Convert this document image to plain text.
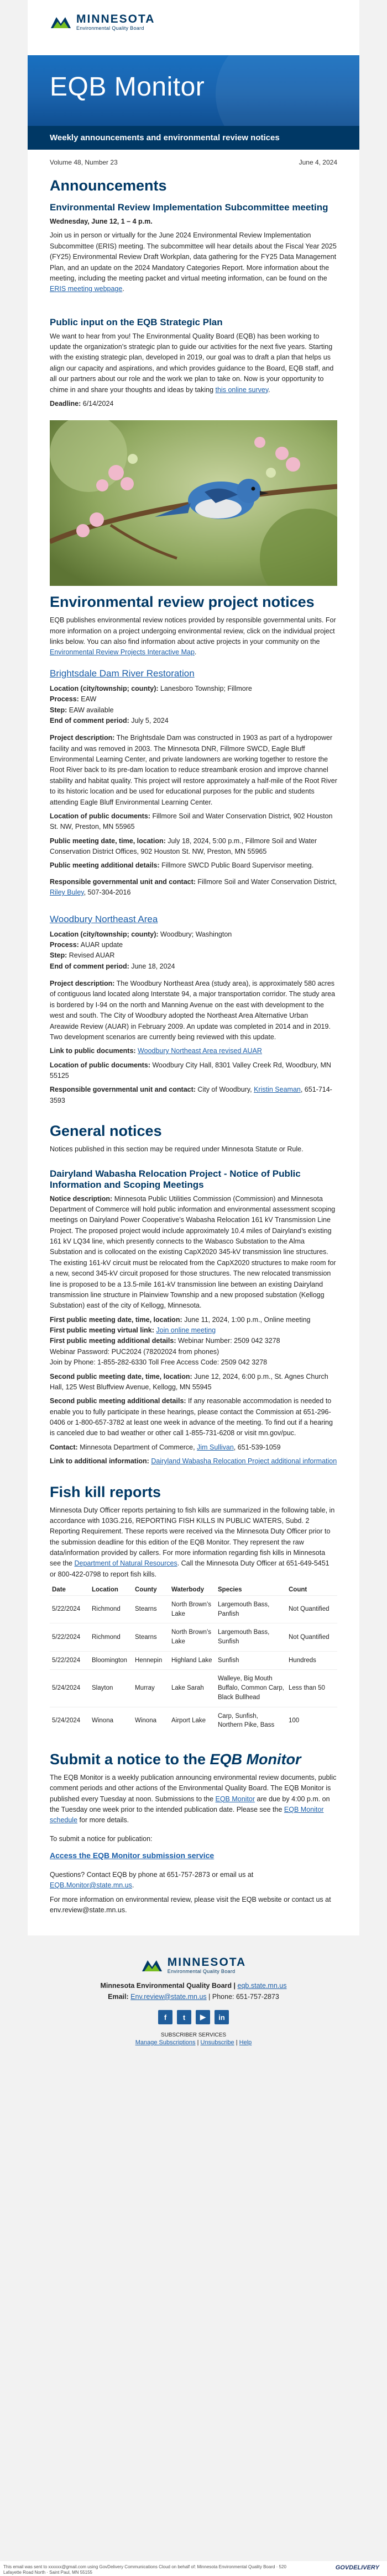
MINNESOTA
Environmental Quality Board
EQB Monitor
Weekly announcements and environmental review notices
Volume 48, Number 23	June 4, 2024
Announcements
Environmental Review Implementation Subcommittee meeting

Wednesday, June 12, 1 – 4 p.m.

Join us in person or virtually for the June 2024 Environmental Review Implementation Subcommittee (ERIS) meeting. The subcommittee will hear details about the Fiscal Year 2025 (FY25) Environmental Review Draft Workplan, data gathering for the FY25 Data Management Plan, and an update on the 2024 Mandatory Categories Report. More information about the meeting, including the meeting packet and virtual meeting information, can be found on the ERIS meeting webpage.

Public input on the EQB Strategic Plan

We want to hear from you! The Environmental Quality Board (EQB) has been working to update the organization’s strategic plan to guide our activities for the next five years. Starting with the existing strategic plan, developed in 2019, our goal was to draft a plan that helps us align our capacity and aspirations, and which provides guidance to the Board, EQB staff, and all our partners about our role and the work we plan to take on. Now is your opportunity to chime in and share your thoughts and ideas by taking this online survey.

Deadline: 6/14/2024

Environmental review project notices

EQB publishes environmental review notices provided by responsible governmental units. For more information on a project undergoing environmental review, click on the individual project links below. You can also find information about active projects in your community on the Environmental Review Projects Interactive Map.

Brightsdale Dam River Restoration

Location (city/township; county): Lanesboro Township; Fillmore
Process: EAW
Step: EAW available
End of comment period: July 5, 2024

Project description: The Brightsdale Dam was constructed in 1903 as part of a hydropower facility and was removed in 2003. The Minnesota DNR, Fillmore SWCD, Eagle Bluff Environmental Learning Center, and private landowners are working together to restore the Root River back to its pre-dam location to reduce streambank erosion and improve channel stability and habitat quality. This project will restore approximately a half-mile of the Root River to its historic location and be used for educational purposes for the public and students attending Eagle Bluff Environmental Learning Center.

Location of public documents: Fillmore Soil and Water Conservation District, 902 Houston St. NW, Preston, MN 55965

Public meeting date, time, location: July 18, 2024, 5:00 p.m., Fillmore Soil and Water Conservation District Offices, 902 Houston St. NW, Preston, MN 55965

Public meeting additional details: Fillmore SWCD Public Board Supervisor meeting.

Responsible governmental unit and contact: Fillmore Soil and Water Conservation District, Riley Buley, 507-304-2016

Woodbury Northeast Area

Location (city/township; county): Woodbury; Washington
Process: AUAR update
Step: Revised AUAR
End of comment period: June 18, 2024

Project description: The Woodbury Northeast Area (study area), is approximately 580 acres of contiguous land located along Interstate 94, a major transportation corridor. The study area is bordered by I-94 on the north and Manning Avenue on the east with development to the west and south. The City of Woodbury adopted the Northeast Area Alternative Urban Areawide Review (AUAR) in February 2009. An update was completed in 2014 and in 2019. Two development scenarios are currently being reviewed with this update.

Link to public documents: Woodbury Northeast Area revised AUAR

Location of public documents: Woodbury City Hall, 8301 Valley Creek Rd, Woodbury, MN 55125

Responsible governmental unit and contact: City of Woodbury, Kristin Seaman, 651-714-3593

General notices

Notices published in this section may be required under Minnesota Statute or Rule.

Dairyland Wabasha Relocation Project - Notice of Public Information and Scoping Meetings

Notice description: Minnesota Public Utilities Commission (Commission) and Minnesota Department of Commerce will hold public information and environmental assessment scoping meetings on Dairyland Power Cooperative’s Wabasha Relocation 161 kV Transmission Line Project. The proposed project would include approximately 10.4 miles of Dairyland’s existing 161 kV LQ34 line, which presently connects to the Wabasco Substation to the Alma Substation and is collocated on the existing CapX2020 345-kV transmission line structures. The existing 161-kV circuit must be relocated from the CapX2020 structures to make room for a new, second 345-kV circuit proposed for those structures. The new relocated transmission line is proposed to be a 13.5-mile 161-kV transmission line between an existing Dairyland transmission line structure in Plainview Township and a new proposed substation (Kellogg Substation) east of the city of Kellogg, Minnesota.

First public meeting date, time, location: June 11, 2024, 1:00 p.m., Online meeting
First public meeting virtual link: Join online meeting
First public meeting additional details: Webinar Number: 2509 042 3278
Webinar Password: PUC2024 (78202024 from phones)
Join by Phone: 1-855-282-6330 Toll Free Access Code: 2509 042 3278

Second public meeting date, time, location: June 12, 2024, 6:00 p.m., St. Agnes Church Hall, 125 West Bluffview Avenue, Kellogg, MN 55945

Second public meeting additional details: If any reasonable accommodation is needed to enable you to fully participate in these hearings, please contact the Commission at 651-296-0406 or 1-800-657-3782 at least one week in advance of the meeting. To find out if a hearing is canceled due to bad weather or other call 1-855-731-6208 or visit mn.gov/puc.

Contact: Minnesota Department of Commerce, Jim Sullivan, 651-539-1059

Link to additional information: Dairyland Wabasha Relocation Project additional information

Fish kill reports

Minnesota Duty Officer reports pertaining to fish kills are summarized in the following table, in accordance with 103G.216, REPORTING FISH KILLS IN PUBLIC WATERS, Subd. 2 Reporting Requirement. These reports were received via the Minnesota Duty Officer prior to the submission deadline for this edition of the EQB Monitor. They represent the raw data/information provided by callers. For more information regarding fish kills in Minnesota see the Department of Natural Resources. Call the Minnesota Duty Officer at 651-649-5451 or 800-422-0798 to report fish kills.

Date	Location	County	Waterbody	Species	Count
5/22/2024	Richmond	Stearns	North Brown’s Lake	Largemouth Bass, Panfish	Not Quantified
5/22/2024	Richmond	Stearns	North Brown’s Lake	Largemouth Bass, Sunfish	Not Quantified
5/22/2024	Bloomington	Hennepin	Highland Lake	Sunfish	Hundreds
5/24/2024	Slayton	Murray	Lake Sarah	Walleye, Big Mouth Buffalo, Common Carp, Black Bullhead	Less than 50
5/24/2024	Winona	Winona	Airport Lake	Carp, Sunfish, Northern Pike, Bass	100
Submit a notice to the EQB Monitor

The EQB Monitor is a weekly publication announcing environmental review documents, public comment periods and other actions of the Environmental Quality Board. The EQB Monitor is published every Tuesday at noon. Submissions to the EQB Monitor are due by 4:00 p.m. on the Tuesday one week prior to the intended publication date. Please see the EQB Monitor schedule for more details.

To submit a notice for publication:

Access the EQB Monitor submission service

Questions? Contact EQB by phone at 651-757-2873 or email us at EQB.Monitor@state.mn.us.

For more information on environmental review, please visit the EQB website or contact us at env.review@state.mn.us.

MINNESOTA
Environmental Quality Board

Minnesota Environmental Quality Board | eqb.state.mn.us
Email: Env.review@state.mn.us | Phone: 651-757-2873

f	t	▶	in
SUBSCRIBER SERVICES
Manage Subscriptions | Unsubscribe | Help
This email was sent to xxxxxx@gmail.com using GovDelivery Communications Cloud on behalf of: Minnesota Environmental Quality Board · 520 Lafayette Road North · Saint Paul, MN 55155
GOVDELIVERY
